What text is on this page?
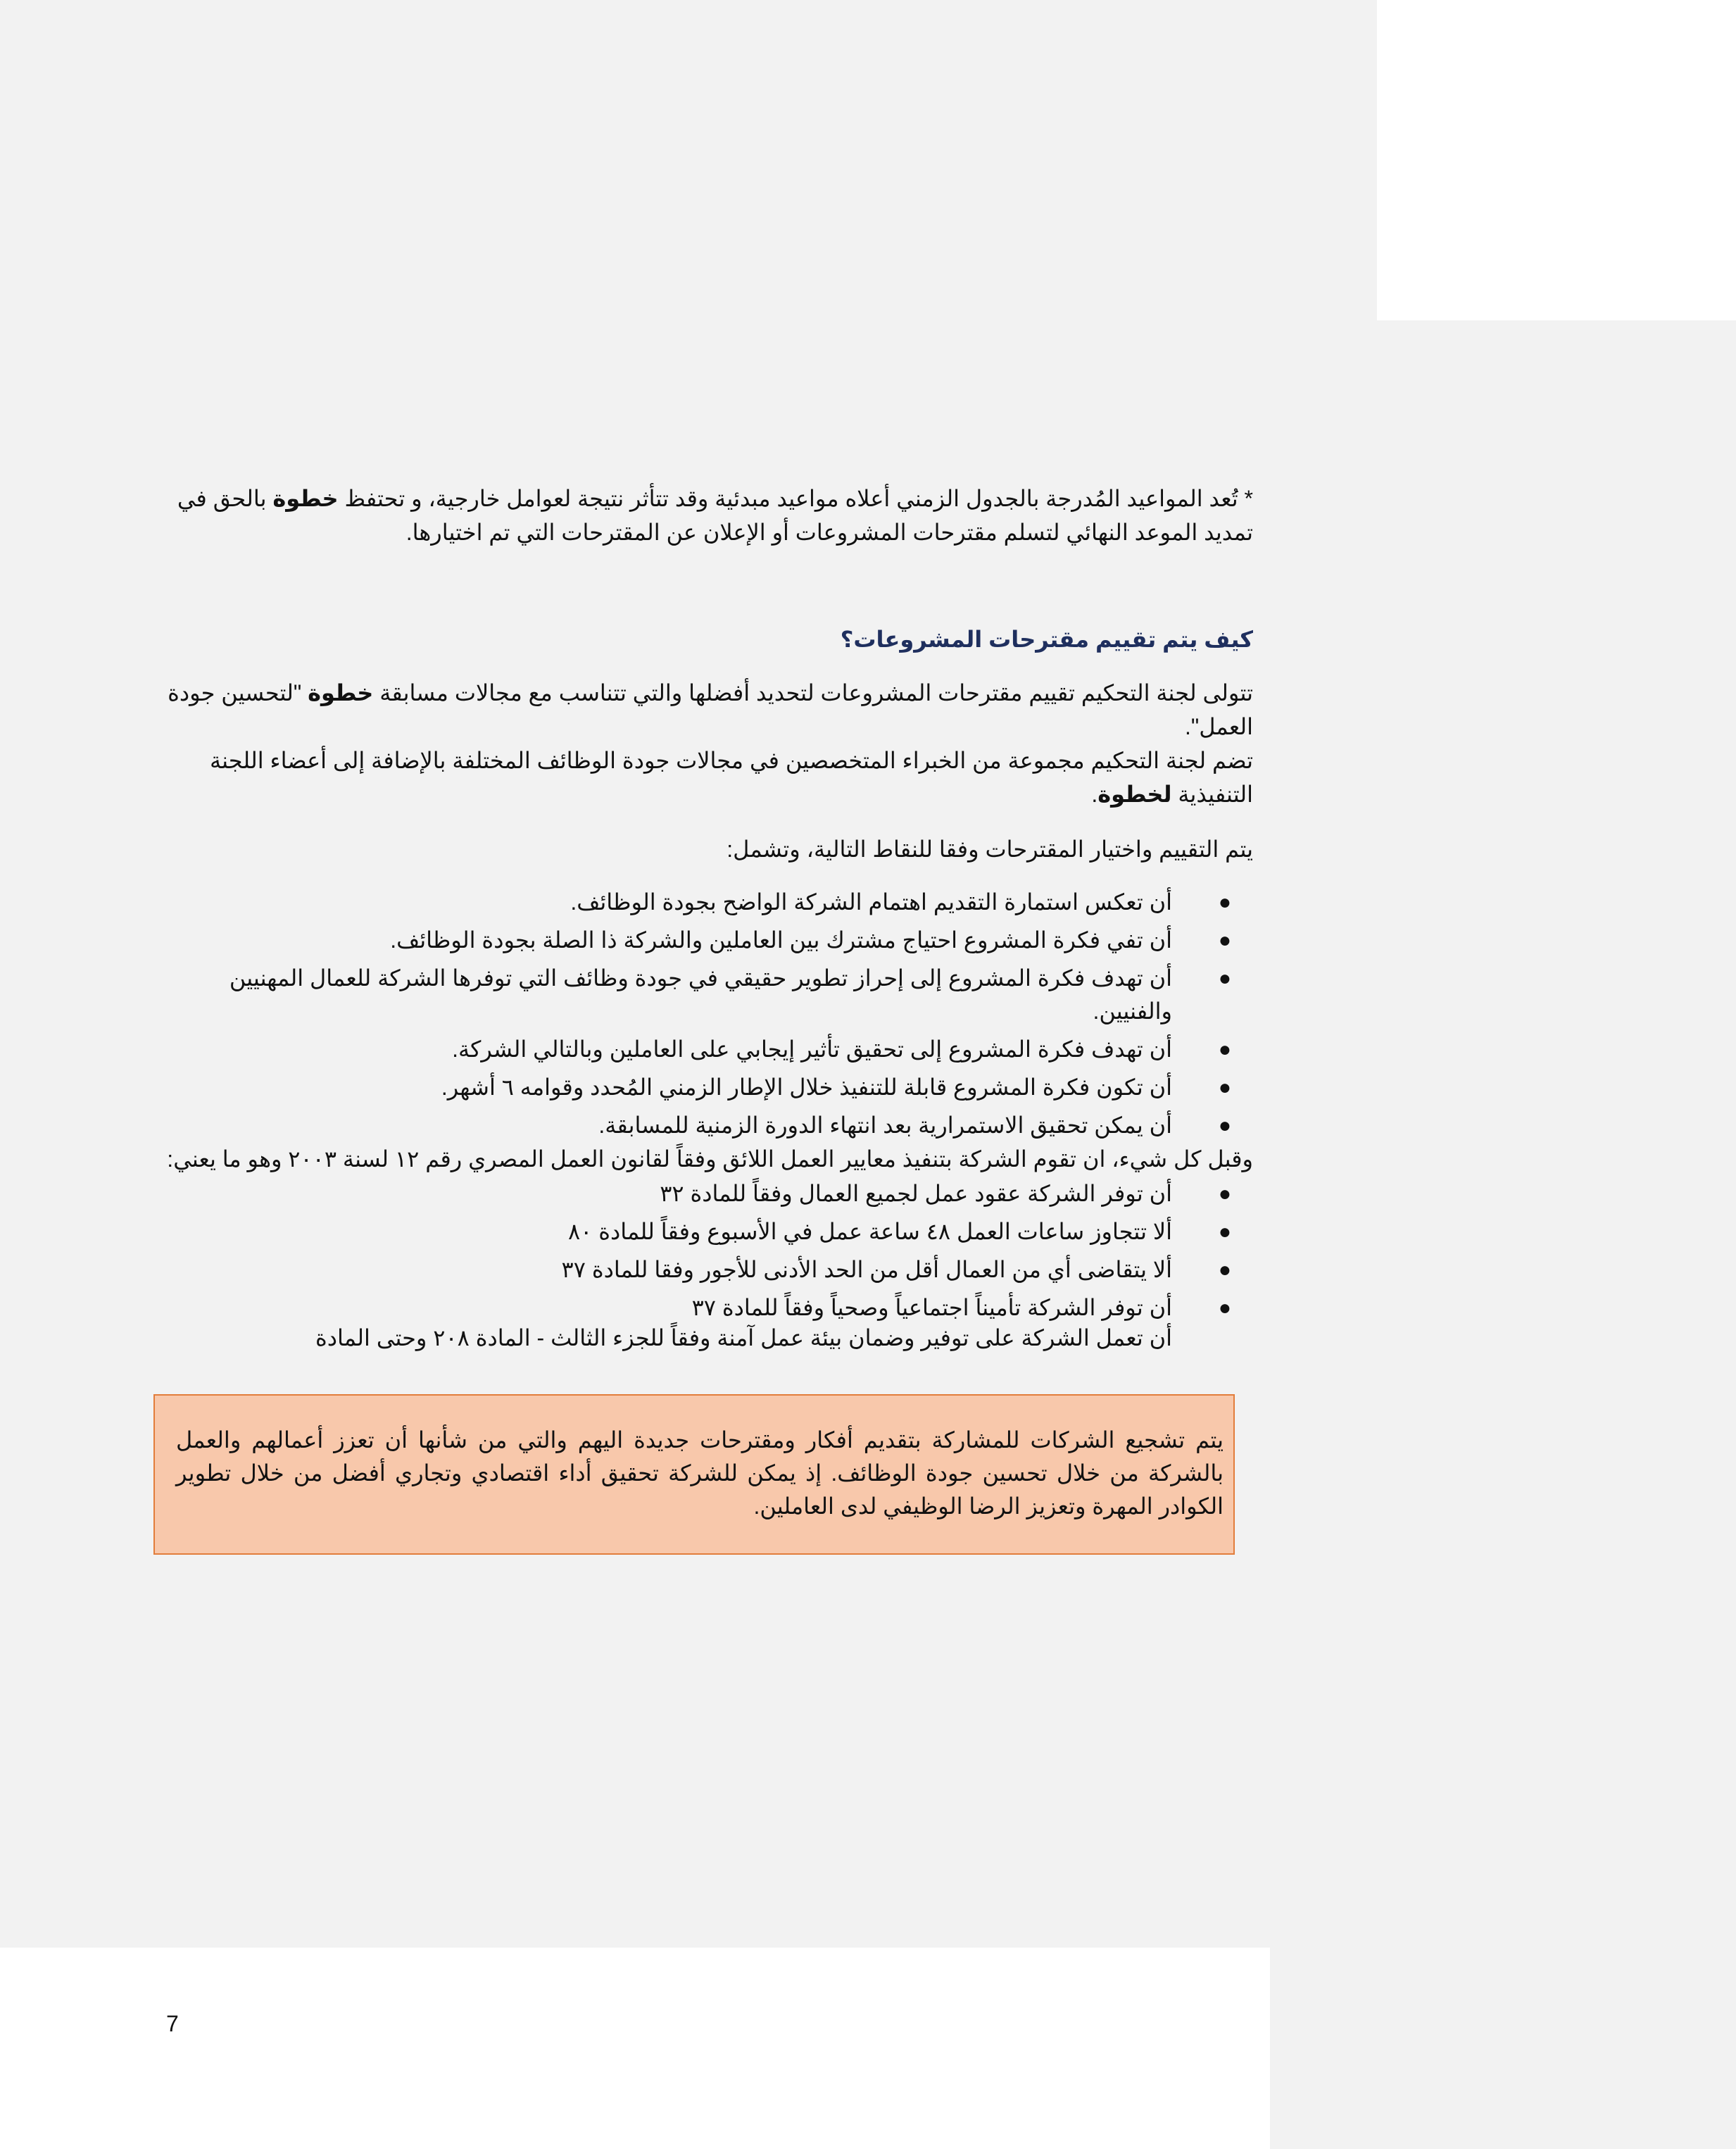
* تُعد المواعيد المُدرجة بالجدول الزمني أعلاه مواعيد مبدئية وقد تتأثر نتيجة لعوامل خارجية، و تحتفظ خطوة بالحق في تمديد الموعد النهائي لتسلم مقترحات المشروعات أو الإعلان عن المقترحات التي تم اختيارها.

كيف يتم تقييم مقترحات المشروعات؟

تتولى لجنة التحكيم تقييم مقترحات المشروعات لتحديد أفضلها والتي تتناسب مع مجالات مسابقة خطوة "لتحسين جودة العمل".

تضم لجنة التحكيم مجموعة من الخبراء المتخصصين في مجالات جودة الوظائف المختلفة بالإضافة إلى أعضاء اللجنة التنفيذية لخطوة.

يتم التقييم واختيار المقترحات وفقا للنقاط التالية، وتشمل:
●
أن تعكس استمارة التقديم اهتمام الشركة الواضح بجودة الوظائف.
●
أن تفي فكرة المشروع احتياج مشترك بين العاملين والشركة ذا الصلة بجودة الوظائف.
●
أن تهدف فكرة المشروع إلى إحراز تطوير حقيقي في جودة وظائف التي توفرها الشركة للعمال المهنيين والفنيين.
●
أن تهدف فكرة المشروع إلى تحقيق تأثير إيجابي على العاملين وبالتالي الشركة.
●
أن تكون فكرة المشروع قابلة للتنفيذ خلال الإطار الزمني المُحدد وقوامه ٦ أشهر.
●
أن يمكن تحقيق الاستمرارية بعد انتهاء الدورة الزمنية للمسابقة.
وقبل كل شيء، ان تقوم الشركة بتنفيذ معايير العمل اللائق وفقاً لقانون العمل المصري رقم ١٢ لسنة ٢٠٠٣ وهو ما يعني:
●
أن توفر الشركة عقود عمل لجميع العمال وفقاً للمادة ٣٢
●
ألا تتجاوز ساعات العمل ٤٨ ساعة عمل في الأسبوع وفقاً للمادة ٨٠
●
ألا يتقاضى أي من العمال أقل من الحد الأدنى للأجور وفقا للمادة ٣٧
●
أن توفر الشركة تأميناً اجتماعياً وصحياً وفقاً للمادة ٣٧
أن تعمل الشركة على توفير وضمان بيئة عمل آمنة وفقاً للجزء الثالث - المادة ٢٠٨ وحتى المادة

يتم تشجيع الشركات للمشاركة بتقديم أفكار ومقترحات جديدة اليهم والتي من شأنها أن تعزز أعمالهم والعمل بالشركة من خلال تحسين جودة الوظائف. إذ يمكن للشركة تحقيق أداء اقتصادي وتجاري أفضل من خلال تطوير الكوادر المهرة وتعزيز الرضا الوظيفي لدى العاملين.

7
